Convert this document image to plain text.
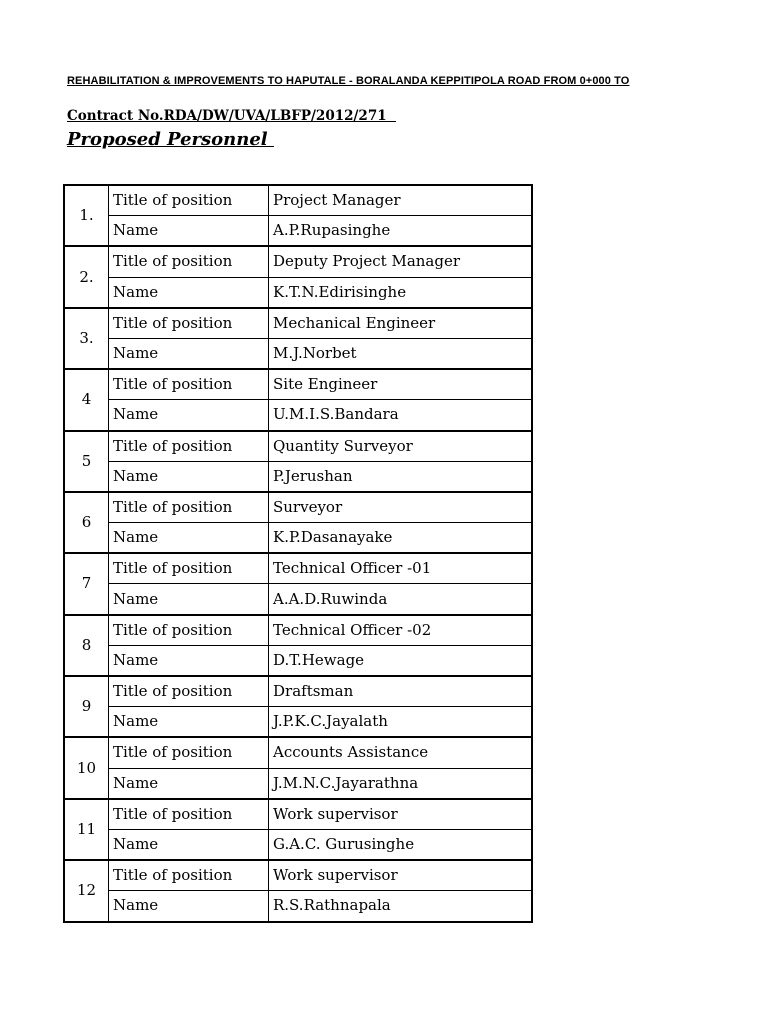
REHABILITATION & IMPROVEMENTS TO HAPUTALE - BORALANDA KEPPITIPOLA ROAD FROM 0+000 TO
Contract No.RDA/DW/UVA/LBFP/2012/271
Proposed Personnel
1.	Title of position	Project Manager
	Name	A.P.Rupasinghe
2.	Title of position	Deputy Project Manager
	Name	K.T.N.Edirisinghe
3.	Title of position	Mechanical Engineer
	Name	M.J.Norbet
4	Title of position	Site Engineer
	Name	U.M.I.S.Bandara
5	Title of position	Quantity Surveyor
	Name	P.Jerushan
6	Title of position	Surveyor
	Name	K.P.Dasanayake
7	Title of position	Technical Officer -01
	Name	A.A.D.Ruwinda
8	Title of position	Technical Officer -02
	Name	D.T.Hewage
9	Title of position	Draftsman
	Name	J.P.K.C.Jayalath
10	Title of position	Accounts Assistance
	Name	J.M.N.C.Jayarathna
11	Title of position	Work supervisor
	Name	G.A.C. Gurusinghe
12	Title of position	Work supervisor
	Name	R.S.Rathnapala
